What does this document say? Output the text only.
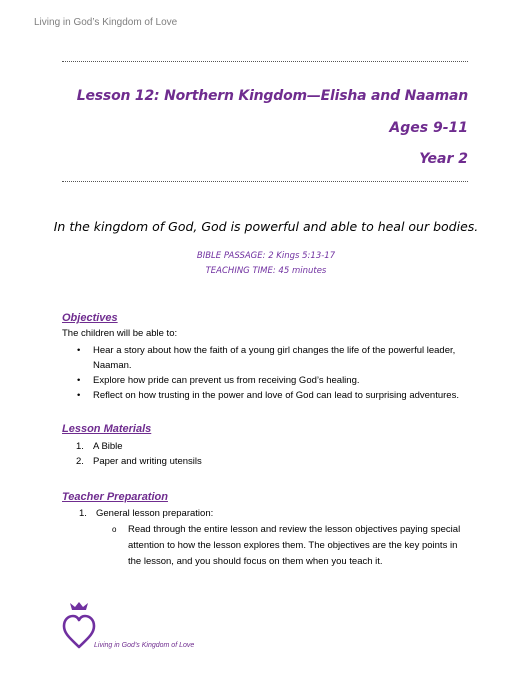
Living in God’s Kingdom of Love
Lesson 12: Northern Kingdom—Elisha and Naaman
Ages 9-11
Year 2
In the kingdom of God, God is powerful and able to heal our bodies.
BIBLE PASSAGE: 2 Kings 5:13-17
TEACHING TIME: 45 minutes
Objectives
The children will be able to:
• Hear a story about how the faith of a young girl changes the life of the powerful leader, Naaman.
• Explore how pride can prevent us from receiving God’s healing.
• Reflect on how trusting in the power and love of God can lead to surprising adventures.
Lesson Materials
1. A Bible
2. Paper and writing utensils
Teacher Preparation
1. General lesson preparation:
o Read through the entire lesson and review the lesson objectives paying special attention to how the lesson explores them. The objectives are the key points in the lesson, and you should focus on them when you teach it.
Living in God’s Kingdom of Love
